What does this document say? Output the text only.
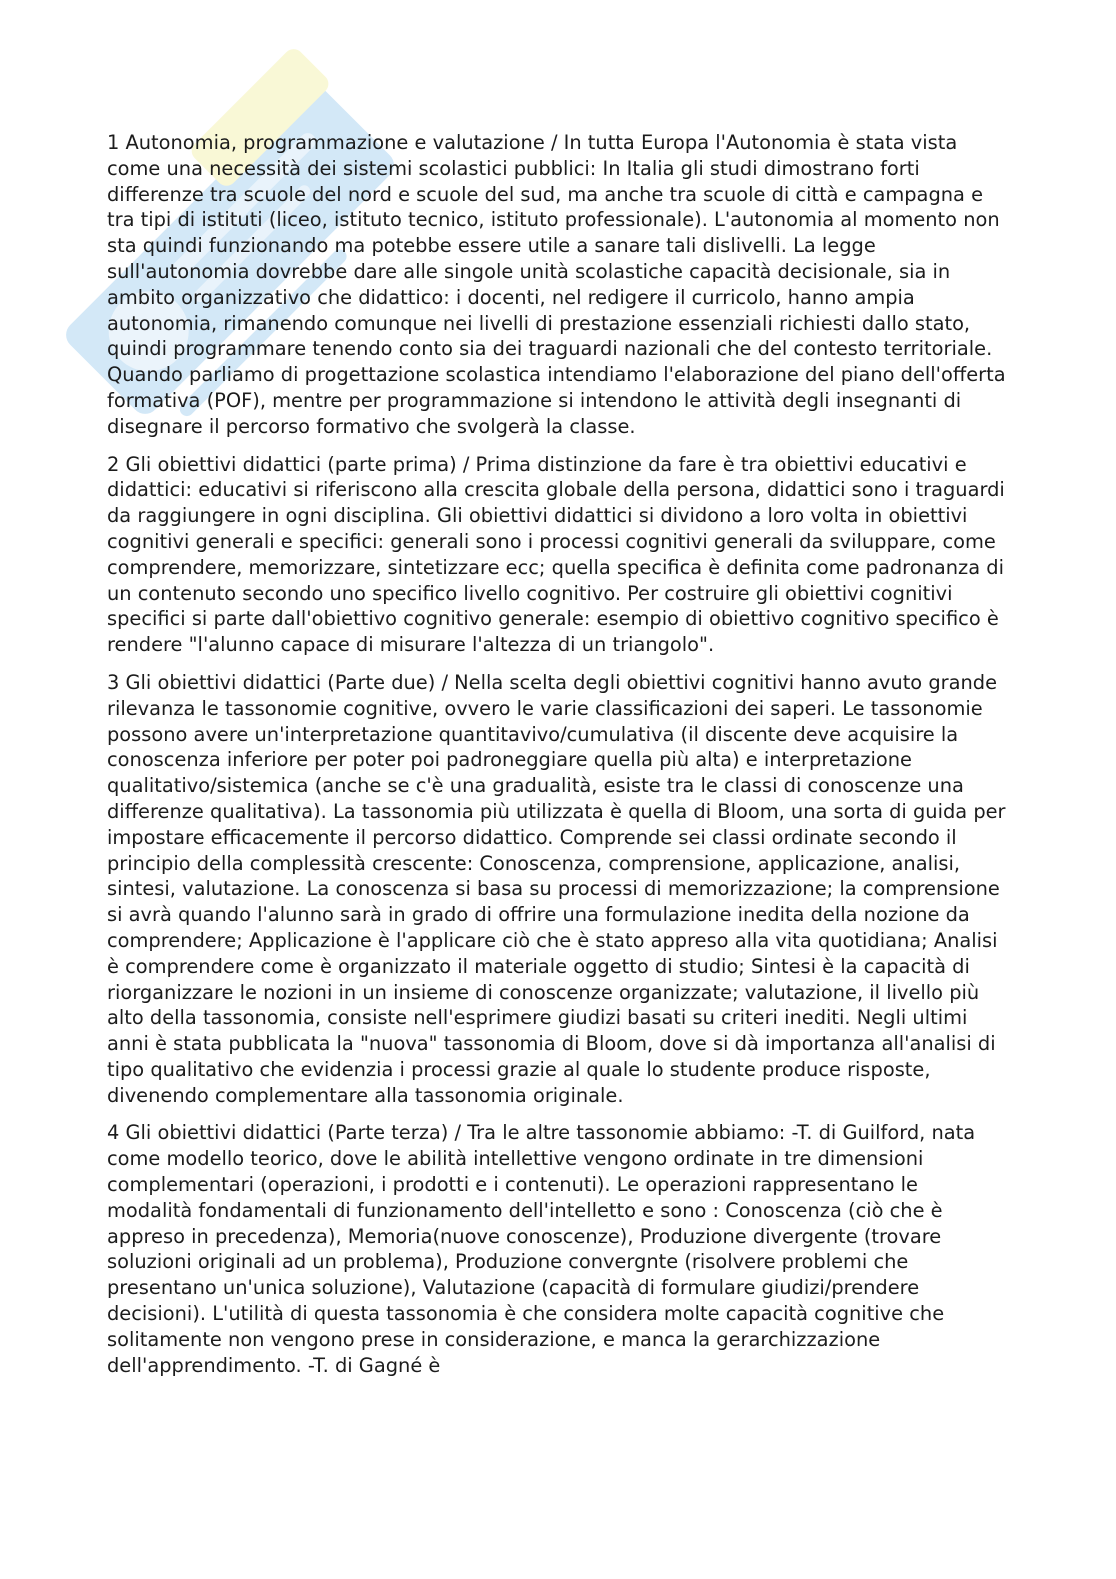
1 Autonomia, programmazione e valutazione / In tutta Europa l'Autonomia è stata vista come una necessità dei sistemi scolastici pubblici: In Italia gli studi dimostrano forti differenze tra scuole del nord e scuole del sud, ma anche tra scuole di città e campagna e tra tipi di istituti (liceo, istituto tecnico, istituto professionale). L'autonomia al momento non sta quindi funzionando ma potebbe essere utile a sanare tali dislivelli. La legge sull'autonomia dovrebbe dare alle singole unità scolastiche capacità decisionale, sia in ambito organizzativo che didattico: i docenti, nel redigere il curricolo, hanno ampia autonomia, rimanendo comunque nei livelli di prestazione essenziali richiesti dallo stato, quindi programmare tenendo conto sia dei traguardi nazionali che del contesto territoriale. Quando parliamo di progettazione scolastica intendiamo l'elaborazione del piano dell'offerta formativa (POF), mentre per programmazione si intendono le attività degli insegnanti di disegnare il percorso formativo che svolgerà la classe.

2 Gli obiettivi didattici (parte prima) / Prima distinzione da fare è tra obiettivi educativi e didattici: educativi si riferiscono alla crescita globale della persona, didattici sono i traguardi da raggiungere in ogni disciplina. Gli obiettivi didattici si dividono a loro volta in obiettivi cognitivi generali e specifici: generali sono i processi cognitivi generali da sviluppare, come comprendere, memorizzare, sintetizzare ecc; quella specifica è definita come padronanza di un contenuto secondo uno specifico livello cognitivo. Per costruire gli obiettivi cognitivi specifici si parte dall'obiettivo cognitivo generale: esempio di obiettivo cognitivo specifico è rendere "l'alunno capace di misurare l'altezza di un triangolo".

3 Gli obiettivi didattici (Parte due) / Nella scelta degli obiettivi cognitivi hanno avuto grande rilevanza le tassonomie cognitive, ovvero le varie classificazioni dei saperi. Le tassonomie possono avere un'interpretazione quantitavivo/cumulativa (il discente deve acquisire la conoscenza inferiore per poter poi padroneggiare quella più alta) e interpretazione qualitativo/sistemica (anche se c'è una gradualità, esiste tra le classi di conoscenze una differenze qualitativa). La tassonomia più utilizzata è quella di Bloom, una sorta di guida per impostare efficacemente il percorso didattico. Comprende sei classi ordinate secondo il principio della complessità crescente: Conoscenza, comprensione, applicazione, analisi, sintesi, valutazione. La conoscenza si basa su processi di memorizzazione; la comprensione si avrà quando l'alunno sarà in grado di offrire una formulazione inedita della nozione da comprendere; Applicazione è l'applicare ciò che è stato appreso alla vita quotidiana; Analisi è comprendere come è organizzato il materiale oggetto di studio; Sintesi è la capacità di riorganizzare le nozioni in un insieme di conoscenze organizzate; valutazione, il livello più alto della tassonomia, consiste nell'esprimere giudizi basati su criteri inediti. Negli ultimi anni è stata pubblicata la "nuova" tassonomia di Bloom, dove si dà importanza all'analisi di tipo qualitativo che evidenzia i processi grazie al quale lo studente produce risposte, divenendo complementare alla tassonomia originale.

4 Gli obiettivi didattici (Parte terza) / Tra le altre tassonomie abbiamo: -T. di Guilford, nata come modello teorico, dove le abilità intellettive vengono ordinate in tre dimensioni complementari (operazioni, i prodotti e i contenuti). Le operazioni rappresentano le modalità fondamentali di funzionamento dell'intelletto e sono : Conoscenza (ciò che è appreso in precedenza), Memoria(nuove conoscenze), Produzione divergente (trovare soluzioni originali ad un problema), Produzione convergnte (risolvere problemi che presentano un'unica soluzione), Valutazione (capacità di formulare giudizi/prendere decisioni). L'utilità di questa tassonomia è che considera molte capacità cognitive che solitamente non vengono prese in considerazione, e manca la gerarchizzazione dell'apprendimento. -T. di Gagné è
